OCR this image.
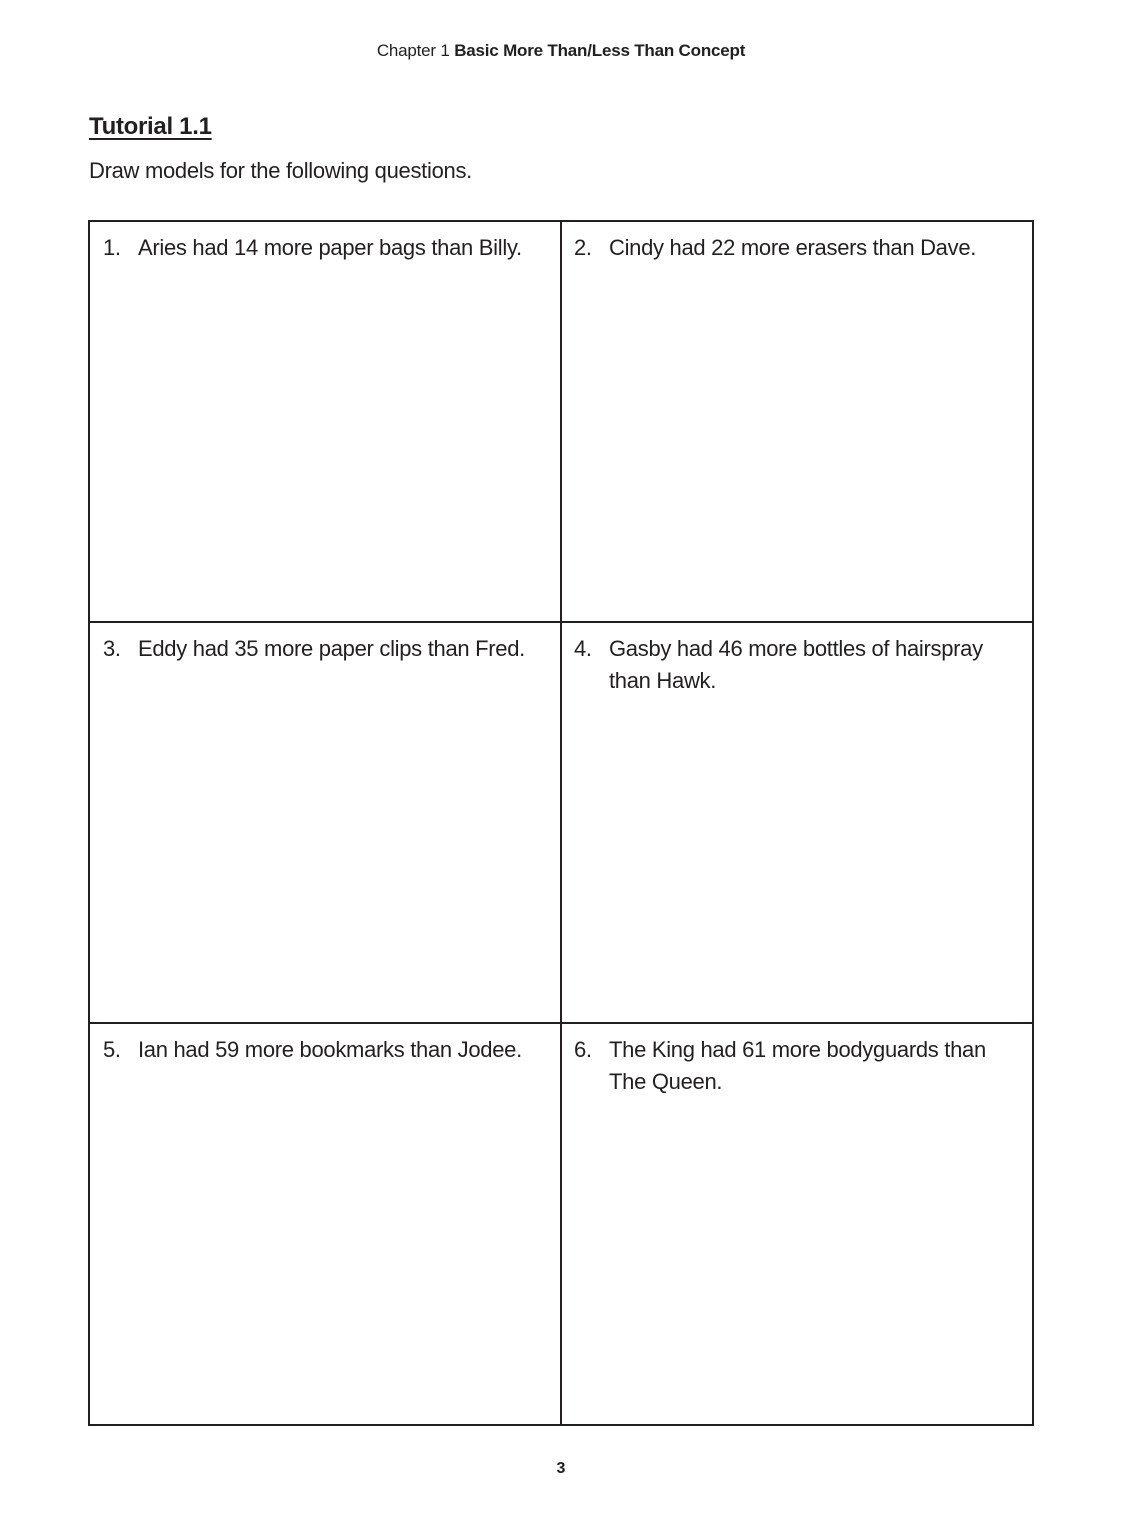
Chapter 1 Basic More Than/Less Than Concept
Tutorial 1.1
Draw models for the following questions.
1. Aries had 14 more paper bags than Billy.	2. Cindy had 22 more erasers than Dave.
3. Eddy had 35 more paper clips than Fred.	4. Gasby had 46 more bottles of hairspray than Hawk.
5. Ian had 59 more bookmarks than Jodee.	6. The King had 61 more bodyguards than The Queen.
3
